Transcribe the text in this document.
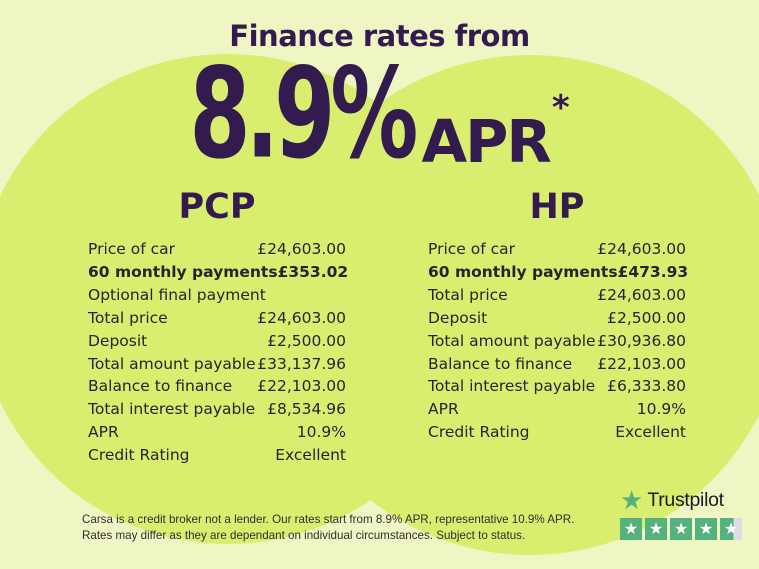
Finance rates from
8.9% APR *
PCP
Price of car	£24,603.00
60 monthly payments £353.02
Optional final payment
Total price	£24,603.00
Deposit	£2,500.00
Total amount payable £33,137.96
Balance to finance £22,103.00
Total interest payable £8,534.96
APR	10.9%
Credit Rating	Excellent
HP
Price of car	£24,603.00
60 monthly payments £473.93
Total price	£24,603.00
Deposit	£2,500.00
Total amount payable £30,936.80
Balance to finance £22,103.00
Total interest payable £6,333.80
APR	10.9%
Credit Rating	Excellent

Carsa is a credit broker not a lender. Our rates start from 8.9% APR, representative 10.9% APR.
Rates may differ as they are dependant on individual circumstances. Subject to status.

★ Trustpilot
★ ★ ★ ★ ★
